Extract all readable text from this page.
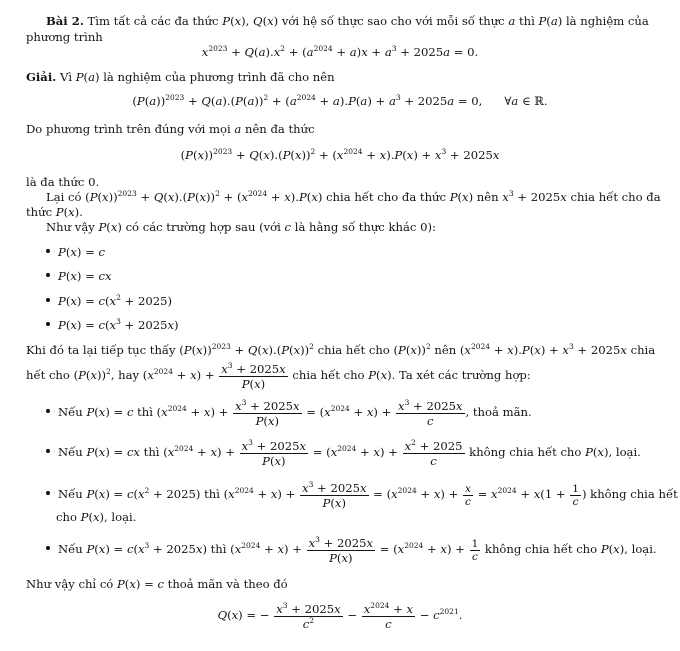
Bài 2. Tìm tất cả các đa thức P(x), Q(x) với hệ số thực sao cho với mỗi số thực a thì P(a) là nghiệm của
phương trình
$x^{2023} + Q(a).x^2 + (a^{2024} + a)x + a^3 + 2025a = 0$.
Giải. Vì P(a) là nghiệm của phương trình đã cho nên
$(P(a))^{2023} + Q(a).(P(a))^2 + (a^{2024} + a).P(a) + a^3 + 2025a = 0$,      ∀a ∈ ℝ.
Do phương trình trên đúng với mọi a nên đa thức
$(P(x))^{2023} + Q(x).(P(x))^2 + (x^{2024} + x).P(x) + x^3 + 2025x$
là đa thức 0.
Lại có $(P(x))^{2023} + Q(x).(P(x))^2 + (x^{2024} + x).P(x)$ chia hết cho đa thức P(x) nên $x^3 + 2025x$ chia hết cho đa
thức P(x).
Như vậy P(x) có các trường hợp sau (với c là hằng số thực khác 0):
P(x) = c
P(x) = cx
$P(x) = c(x^2 + 2025)$
$P(x) = c(x^3 + 2025x)$
Khi đó ta lại tiếp tục thấy $(P(x))^{2023} + Q(x).(P(x))^2$ chia hết cho $(P(x))^2$ nên $(x^{2024} + x).P(x) + x^3 + 2025x$ chia
hết cho $(P(x))^2$, hay $(x^{2024} + x) + \frac{x^3 + 2025x}{P(x)}$ chia hết cho P(x). Ta xét các trường hợp:
Nếu P(x) = c thì $(x^{2024} + x) + \frac{x^3 + 2025x}{P(x)} = (x^{2024} + x) + \frac{x^3 + 2025x}{c}$ , thoả mãn.
Nếu P(x) = cx thì $(x^{2024} + x) + \frac{x^3 + 2025x}{P(x)} = (x^{2024} + x) + \frac{x^2 + 2025}{c}$ không chia hết cho P(x), loại.
Nếu $P(x) = c(x^2 + 2025)$ thì $(x^{2024} + x) + \frac{x^3 + 2025x}{P(x)} = (x^{2024} + x) + \frac{x}{c} = x^{2024} + x(1 + \frac{1}{c}$ ) không chia hết
cho P(x), loại.
Nếu $P(x) = c(x^3 + 2025x)$ thì $(x^{2024} + x) + \frac{x^3 + 2025x}{P(x)} = (x^{2024} + x) + \frac{1}{c}$ không chia hết cho P(x), loại.
Như vậy chỉ có P(x) = c thoả mãn và theo đó
Q(x) = − $\frac{x^3 + 2025x}{c^2} - \frac{x^{2024} + x}{c} - c^{2021}$.
